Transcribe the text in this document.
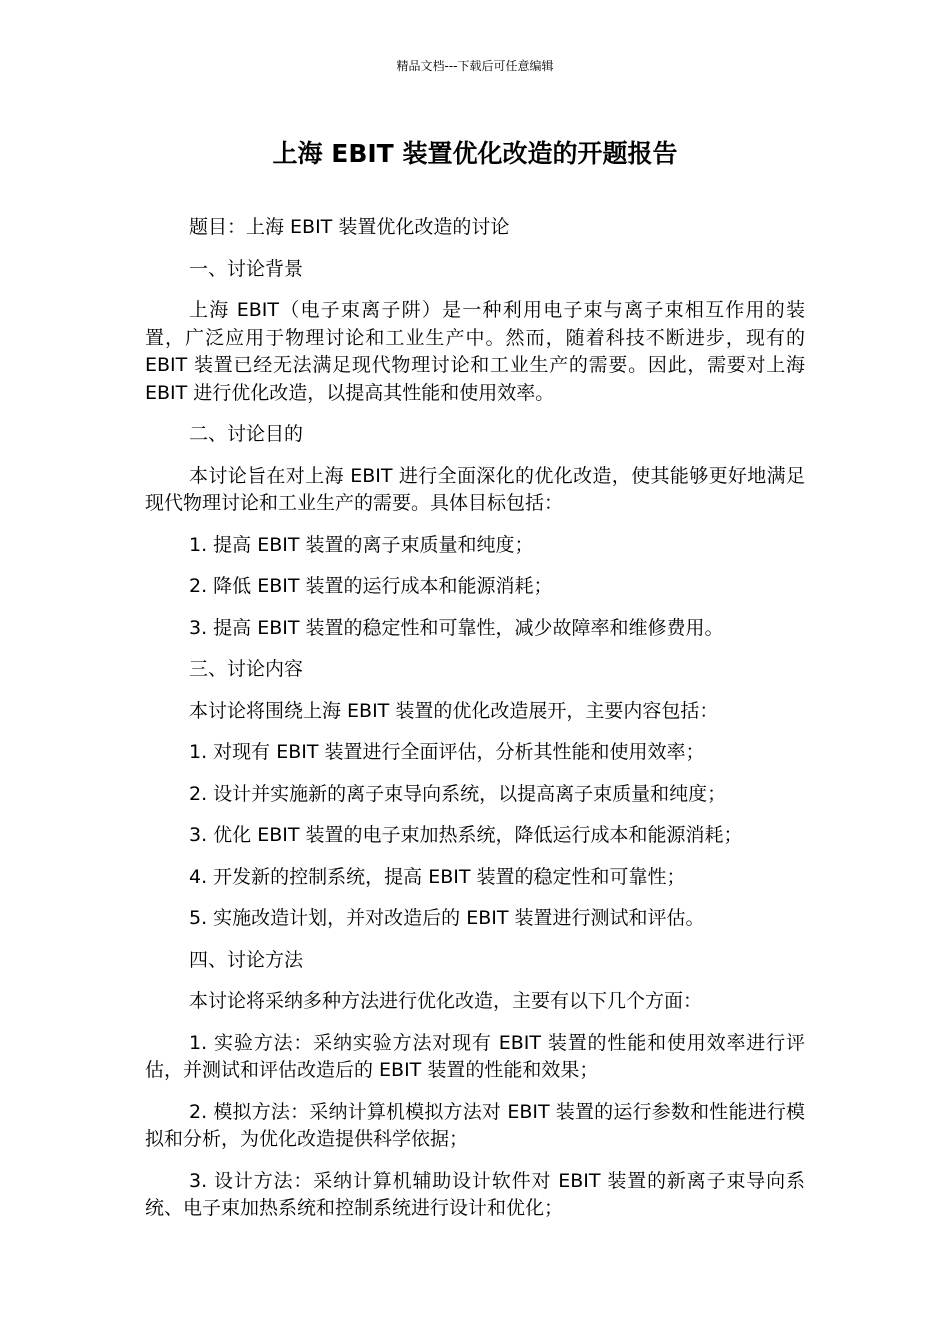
精品文档---下载后可任意编辑
上海 EBIT 装置优化改造的开题报告

题目：上海 EBIT 装置优化改造的讨论

一、讨论背景

上海 EBIT（电子束离子阱）是一种利用电子束与离子束相互作用的装置，广泛应用于物理讨论和工业生产中。然而，随着科技不断进步，现有的 EBIT 装置已经无法满足现代物理讨论和工业生产的需要。因此，需要对上海 EBIT 进行优化改造，以提高其性能和使用效率。

二、讨论目的

本讨论旨在对上海 EBIT 进行全面深化的优化改造，使其能够更好地满足现代物理讨论和工业生产的需要。具体目标包括：

1. 提高 EBIT 装置的离子束质量和纯度；

2. 降低 EBIT 装置的运行成本和能源消耗；

3. 提高 EBIT 装置的稳定性和可靠性，减少故障率和维修费用。

三、讨论内容

本讨论将围绕上海 EBIT 装置的优化改造展开，主要内容包括：

1. 对现有 EBIT 装置进行全面评估，分析其性能和使用效率；

2. 设计并实施新的离子束导向系统，以提高离子束质量和纯度；

3. 优化 EBIT 装置的电子束加热系统，降低运行成本和能源消耗；

4. 开发新的控制系统，提高 EBIT 装置的稳定性和可靠性；

5. 实施改造计划，并对改造后的 EBIT 装置进行测试和评估。

四、讨论方法

本讨论将采纳多种方法进行优化改造，主要有以下几个方面：

1. 实验方法：采纳实验方法对现有 EBIT 装置的性能和使用效率进行评估，并测试和评估改造后的 EBIT 装置的性能和效果；

2. 模拟方法：采纳计算机模拟方法对 EBIT 装置的运行参数和性能进行模拟和分析，为优化改造提供科学依据；

3. 设计方法：采纳计算机辅助设计软件对 EBIT 装置的新离子束导向系统、电子束加热系统和控制系统进行设计和优化；
